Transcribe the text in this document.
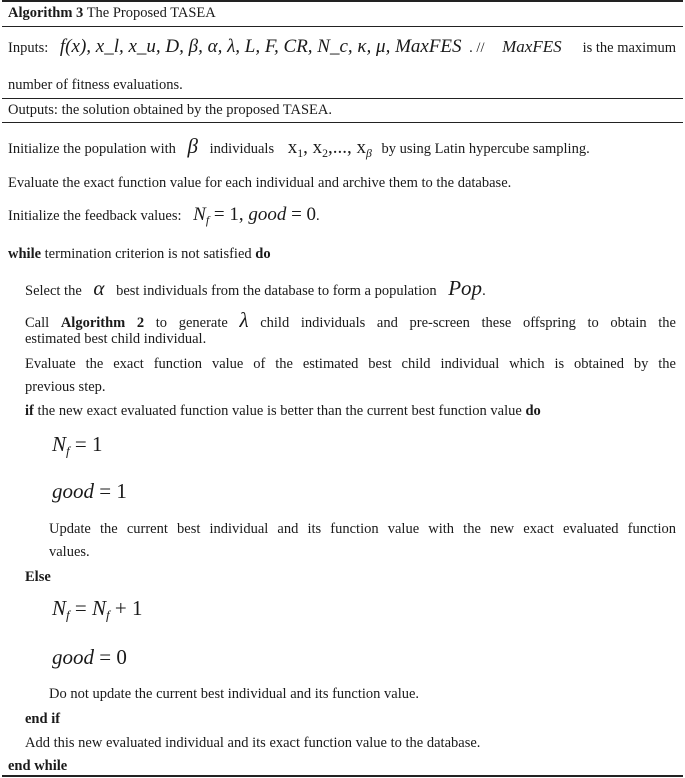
Algorithm 3 The Proposed TASEA
Inputs: f(x), x_l, x_u, D, β, α, λ, L, F, CR, N_c, κ, μ, MaxFES . // MaxFES is the maximum
number of fitness evaluations.
Outputs: the solution obtained by the proposed TASEA.
Initialize the population with β individuals $x_1$, $x_2$,..., $x_\beta$ by using Latin hypercube sampling.
Evaluate the exact function value for each individual and archive them to the database.
Initialize the feedback values: $N_f = 1$, good = 0.
while termination criterion is not satisfied do
Select the α best individuals from the database to form a population Pop.
Call Algorithm 2 to generate λ child individuals and pre-screen these offspring to obtain the
estimated best child individual.
Evaluate the exact function value of the estimated best child individual which is obtained by the
previous step.
if the new exact evaluated function value is better than the current best function value do
$N_f = 1$
good = 1
Update the current best individual and its function value with the new exact evaluated function
values.
Else
$N_f = N_f + 1$
good = 0
Do not update the current best individual and its function value.
end if
Add this new evaluated individual and its exact function value to the database.
end while
